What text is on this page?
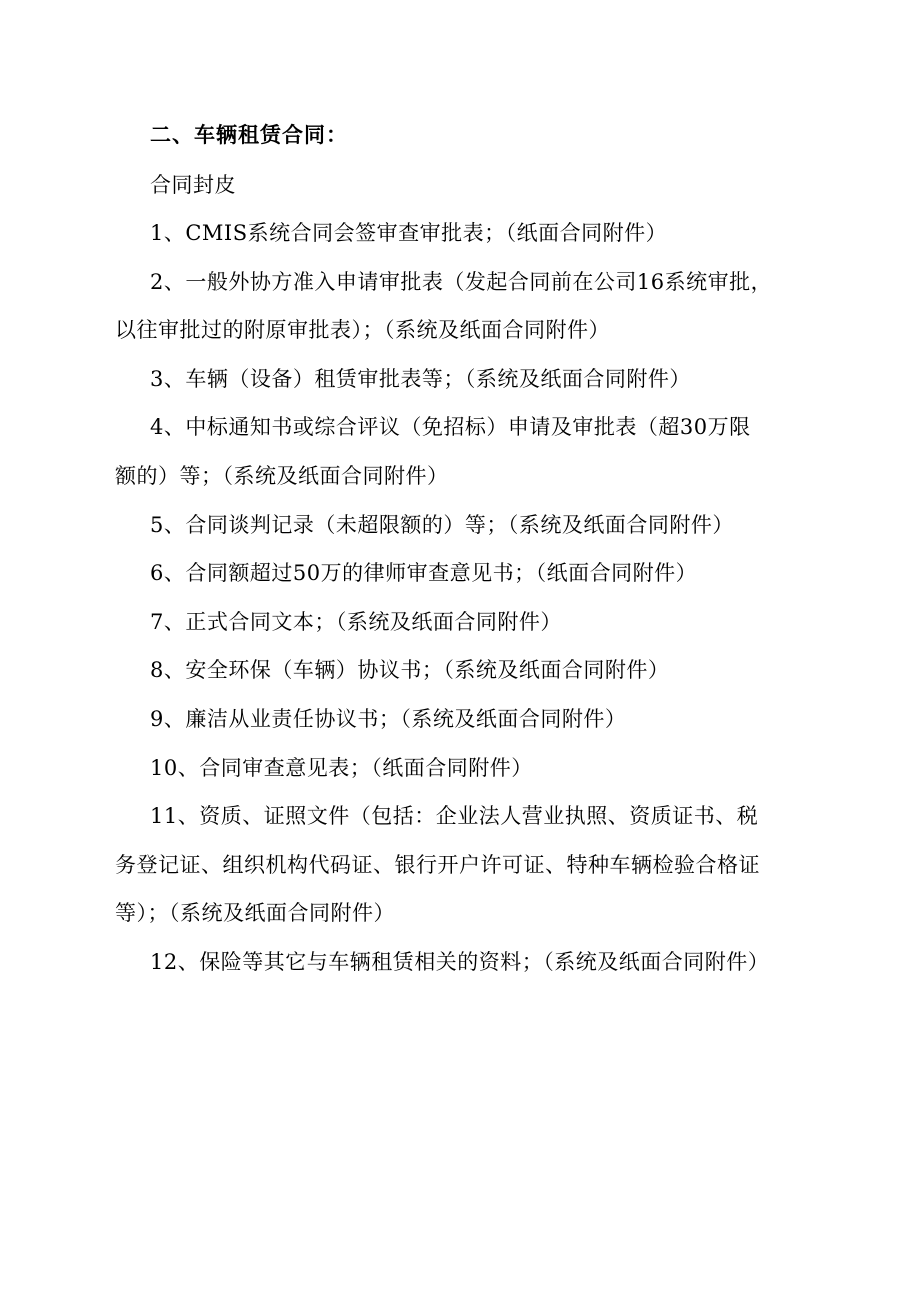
二、车辆租赁合同：
合同封皮
1、CMIS系统合同会签审查审批表；（纸面合同附件）
2、一般外协方准入申请审批表（发起合同前在公司16系统审批，
以往审批过的附原审批表）；（系统及纸面合同附件）
3、车辆（设备）租赁审批表等；（系统及纸面合同附件）
4、中标通知书或综合评议（免招标）申请及审批表（超30万限
额的）等；（系统及纸面合同附件）
5、合同谈判记录（未超限额的）等；（系统及纸面合同附件）
6、合同额超过50万的律师审查意见书；（纸面合同附件）
7、正式合同文本；（系统及纸面合同附件）
8、安全环保（车辆）协议书；（系统及纸面合同附件）
9、廉洁从业责任协议书；（系统及纸面合同附件）
10、合同审查意见表；（纸面合同附件）
11、资质、证照文件（包括：企业法人营业执照、资质证书、税
务登记证、组织机构代码证、银行开户许可证、特种车辆检验合格证
等）；（系统及纸面合同附件）
12、保险等其它与车辆租赁相关的资料；（系统及纸面合同附件）
